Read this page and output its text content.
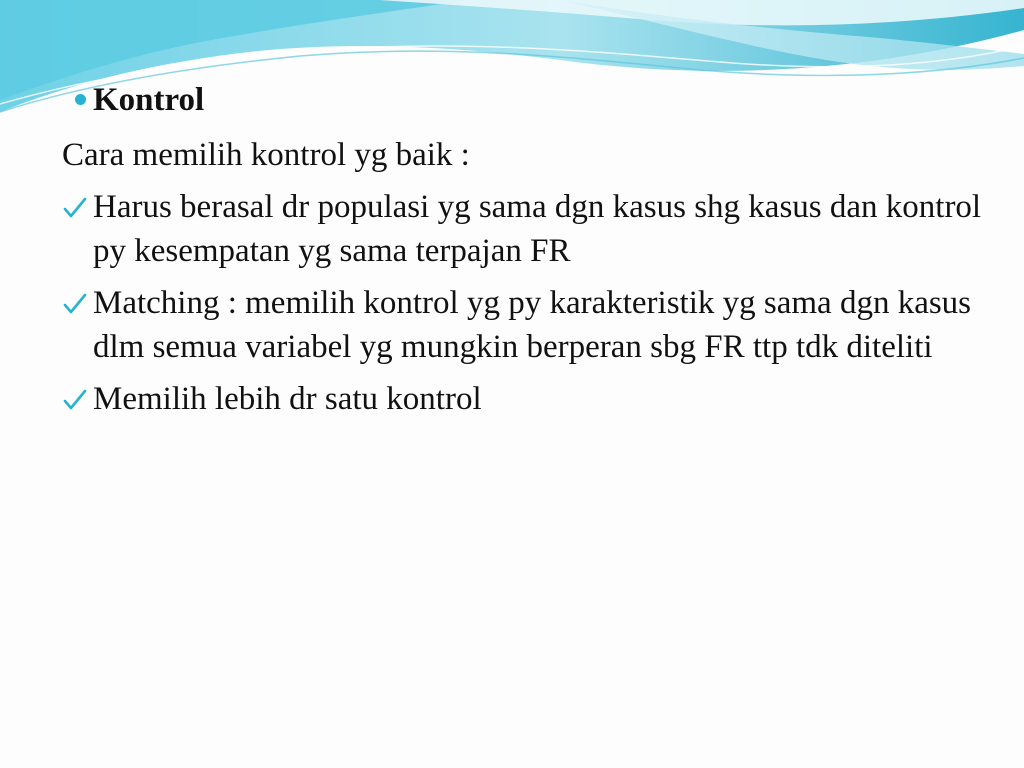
Kontrol
Cara memilih kontrol yg baik :
Harus berasal dr populasi yg sama dgn kasus shg kasus dan kontrol py kesempatan yg sama terpajan FR
Matching : memilih kontrol yg py karakteristik yg sama dgn kasus dlm semua variabel yg mungkin berperan sbg FR ttp tdk diteliti
Memilih lebih dr satu kontrol
